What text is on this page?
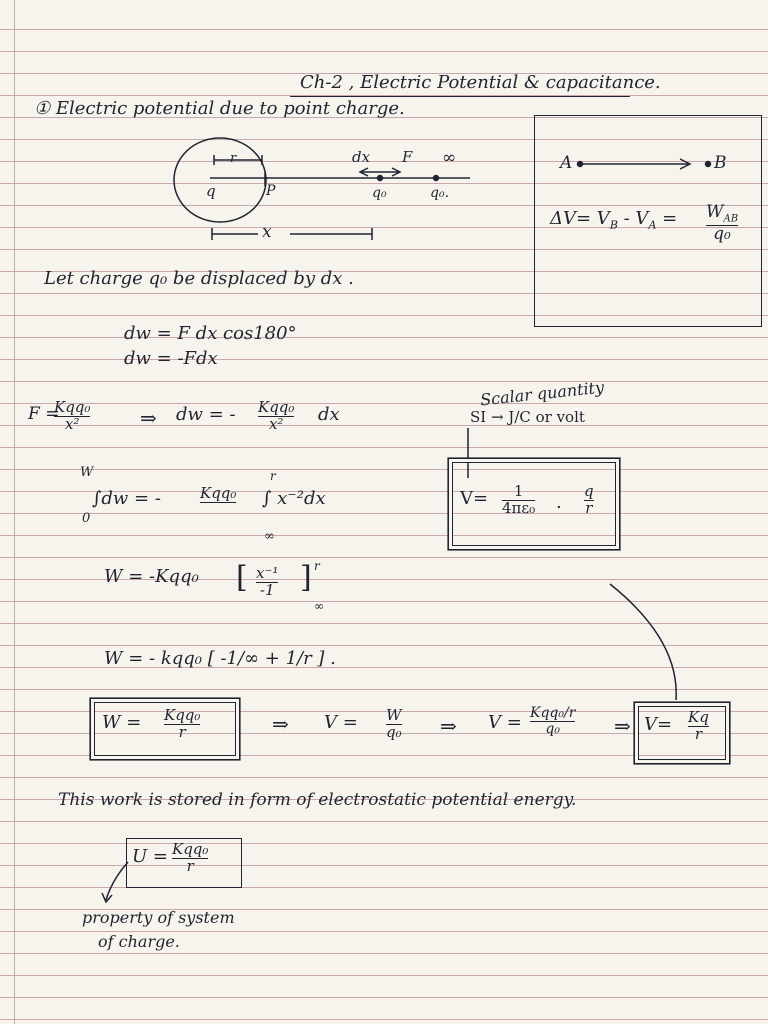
Ch-2 , Electric Potential & capacitance.
① Electric potential due to point charge.
r
q	P
dx F ∞
q₀	q₀.
x
A	B
$\Delta V= V_B - V_A = W_{AB}$
q₀
Let charge q₀ be displaced by dx .
dw = F dx cos180°
dw = -Fdx
F =
Kqq₀
x²	⇒ dw = - Kqq₀
x² dx
Scalar quantity
SI → J/C or volt
W
0
∫dw = -	Kqq₀
r
∞
∫ x⁻²dx	V= 1
4πε₀ .
q
r
W = -Kqq₀ [ x⁻¹
-1 ] r
∞
W = - kqq₀ [ -1/∞ + 1/r ] .
W = Kqq₀
r	⇒ V = W
q₀ ⇒ V = Kqq₀/r
q₀	⇒ V= Kq
r
This work is stored in form of electrostatic potential energy.
U = Kqq₀
r
property of system
of charge.
